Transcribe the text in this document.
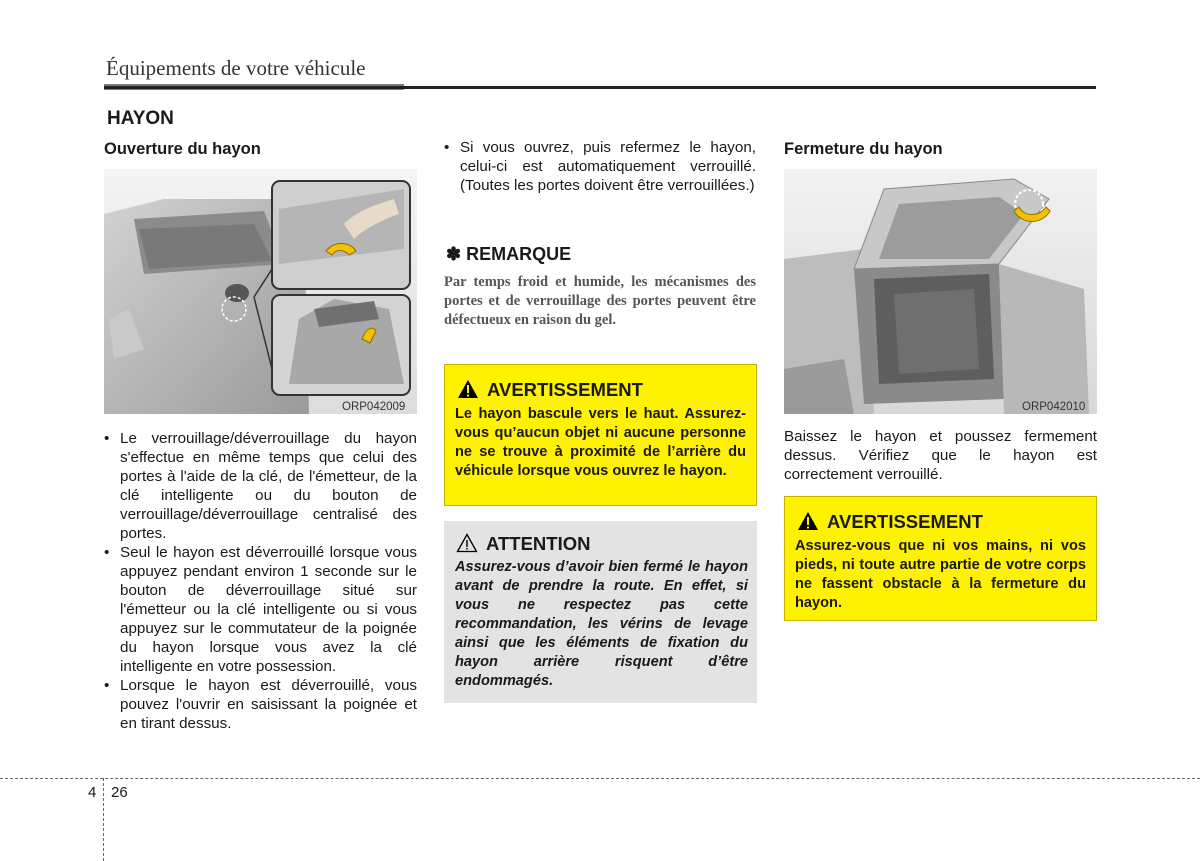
Équipements de votre véhicule
HAYON
Ouverture du hayon
ORP042009
• Le verrouillage/déverrouillage du hayon s'effectue en même temps que celui des portes à l'aide de la clé, de l'émetteur, de la clé intelligente ou du bouton de verrouillage/déverrouillage centralisé des portes.
• Seul le hayon est déverrouillé lorsque vous appuyez pendant environ 1 seconde sur le bouton de déverrouillage situé sur l'émetteur ou la clé intelligente ou si vous appuyez sur le commutateur de la poignée du hayon lorsque vous avez la clé intelligente en votre possession.
• Lorsque le hayon est déverrouillé, vous pouvez l'ouvrir en saisissant la poignée et en tirant dessus.
• Si vous ouvrez, puis refermez le hayon, celui-ci est automatiquement verrouillé. (Toutes les portes doivent être verrouillées.)
✽ REMARQUE
Par temps froid et humide, les mécanismes des portes et de verrouillage des portes peuvent être défectueux en raison du gel.
AVERTISSEMENT
Le hayon bascule vers le haut. Assurez-vous qu’aucun objet ni aucune personne ne se trouve à proximité de l’arrière du véhicule lorsque vous ouvrez le hayon.
ATTENTION
Assurez-vous d’avoir bien fermé le hayon avant de prendre la route. En effet, si vous ne respectez pas cette recommandation, les vérins de levage ainsi que les éléments de fixation du hayon arrière risquent d’être endommagés.
Fermeture du hayon
ORP042010
Baissez le hayon et poussez fermement dessus. Vérifiez que le hayon est correctement verrouillé.
AVERTISSEMENT
Assurez-vous que ni vos mains, ni vos pieds, ni toute autre partie de votre corps ne fassent obstacle à la fermeture du hayon.
4 26
